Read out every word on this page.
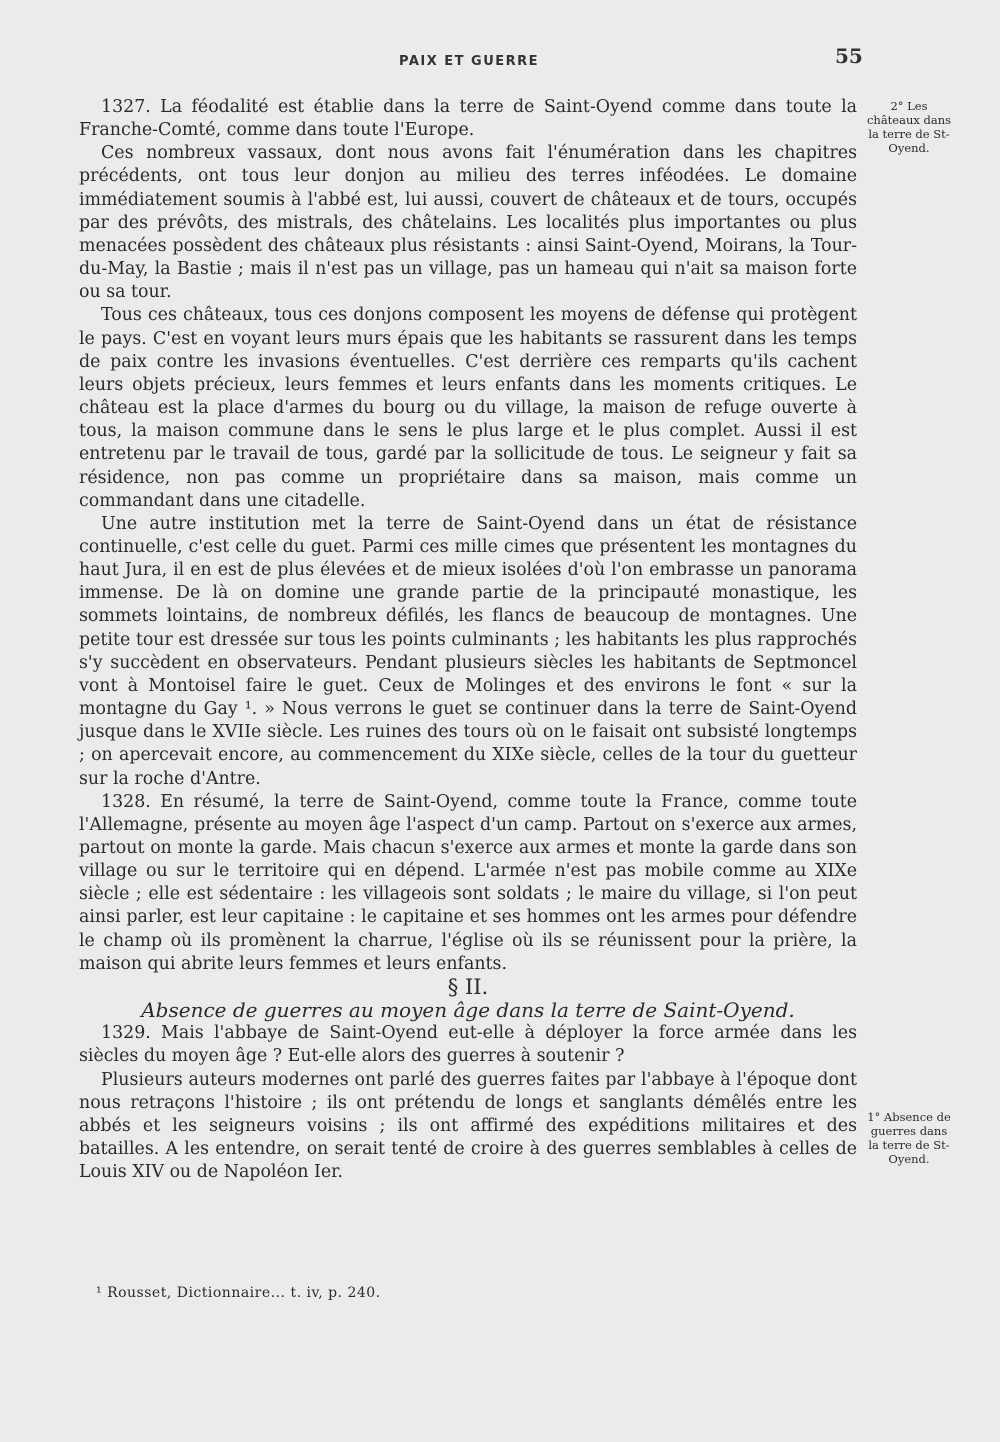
PAIX ET GUERRE	55
2° Les châteaux dans la terre de St-Oyend.
1° Absence de guerres dans la terre de St-Oyend.

1327. La féodalité est établie dans la terre de Saint-Oyend comme dans toute la Franche-Comté, comme dans toute l'Europe.

Ces nombreux vassaux, dont nous avons fait l'énumération dans les chapitres précédents, ont tous leur donjon au milieu des terres inféodées. Le domaine immédiatement soumis à l'abbé est, lui aussi, couvert de châteaux et de tours, occupés par des prévôts, des mistrals, des châtelains. Les localités plus importantes ou plus menacées possèdent des châteaux plus résistants : ainsi Saint-Oyend, Moirans, la Tour-du-May, la Bastie ; mais il n'est pas un village, pas un hameau qui n'ait sa maison forte ou sa tour.

Tous ces châteaux, tous ces donjons composent les moyens de défense qui protègent le pays. C'est en voyant leurs murs épais que les habitants se rassurent dans les temps de paix contre les invasions éventuelles. C'est derrière ces remparts qu'ils cachent leurs objets précieux, leurs femmes et leurs enfants dans les moments critiques. Le château est la place d'armes du bourg ou du village, la maison de refuge ouverte à tous, la maison commune dans le sens le plus large et le plus complet. Aussi il est entretenu par le travail de tous, gardé par la sollicitude de tous. Le seigneur y fait sa résidence, non pas comme un propriétaire dans sa maison, mais comme un commandant dans une citadelle.

Une autre institution met la terre de Saint-Oyend dans un état de résistance continuelle, c'est celle du guet. Parmi ces mille cimes que présentent les montagnes du haut Jura, il en est de plus élevées et de mieux isolées d'où l'on embrasse un panorama immense. De là on domine une grande partie de la principauté monastique, les sommets lointains, de nombreux défilés, les flancs de beaucoup de montagnes. Une petite tour est dressée sur tous les points culminants ; les habitants les plus rapprochés s'y succèdent en observateurs. Pendant plusieurs siècles les habitants de Septmoncel vont à Montoisel faire le guet. Ceux de Molinges et des environs le font « sur la montagne du Gay ¹. » Nous verrons le guet se continuer dans la terre de Saint-Oyend jusque dans le XVIIe siècle. Les ruines des tours où on le faisait ont subsisté longtemps ; on apercevait encore, au commencement du XIXe siècle, celles de la tour du guetteur sur la roche d'Antre.

1328. En résumé, la terre de Saint-Oyend, comme toute la France, comme toute l'Allemagne, présente au moyen âge l'aspect d'un camp. Partout on s'exerce aux armes, partout on monte la garde. Mais chacun s'exerce aux armes et monte la garde dans son village ou sur le territoire qui en dépend. L'armée n'est pas mobile comme au XIXe siècle ; elle est sédentaire : les villageois sont soldats ; le maire du village, si l'on peut ainsi parler, est leur capitaine : le capitaine et ses hommes ont les armes pour défendre le champ où ils promènent la charrue, l'église où ils se réunissent pour la prière, la maison qui abrite leurs femmes et leurs enfants.

§ II.

Absence de guerres au moyen âge dans la terre de Saint-Oyend.

1329. Mais l'abbaye de Saint-Oyend eut-elle à déployer la force armée dans les siècles du moyen âge ? Eut-elle alors des guerres à soutenir ?

Plusieurs auteurs modernes ont parlé des guerres faites par l'abbaye à l'époque dont nous retraçons l'histoire ; ils ont prétendu de longs et sanglants démêlés entre les abbés et les seigneurs voisins ; ils ont affirmé des expéditions militaires et des batailles. A les entendre, on serait tenté de croire à des guerres semblables à celles de Louis XIV ou de Napoléon Ier.

¹ Rousset, Dictionnaire... t. iv, p. 240.
